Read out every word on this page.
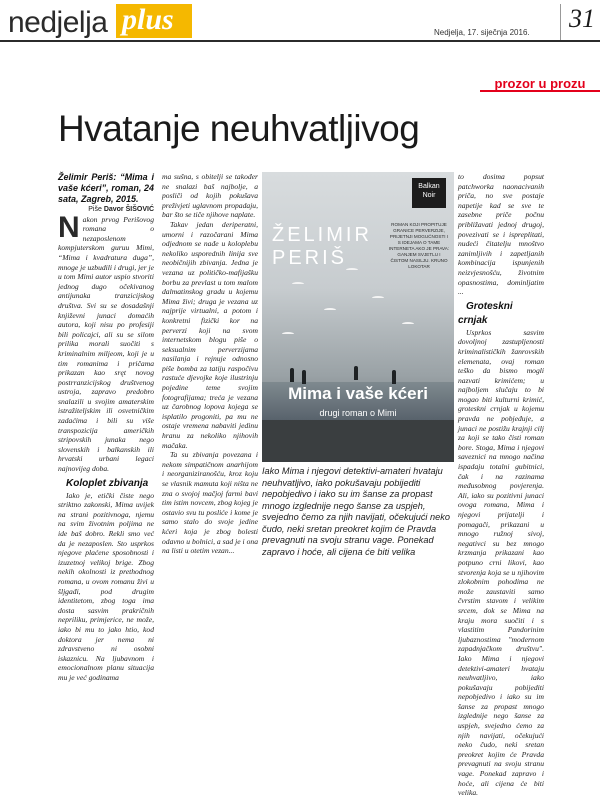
nedjelja plus	Nedjelja, 17. siječnja 2016.	31
prozor u prozu
Hvatanje neuhvatljivog

Želimir Periš: “Mima i vaše kćeri”, roman, 24 sata, Zagreb, 2015.

Piše Davor ŠIŠOVIĆ

Nakon prvog Perišovog romana o nezaposlenom kompjuterskom guruu Mimi, “Mima i kvadratura duga”, mnoge je uzbudili i drugi, jer je u tom Mimi autor uspio stvoriti jednog dugo očekivanog antijunaka tranzicijskog društva. Svi su se dosadašnji književni junaci domaćih autora, koji nisu po profesiji bili policajci, ali su se silom prilika morali suočiti s kriminalnim miljeom, koji je u tim romanima i pričama prikazan kao sręt novog postrranzicijskog društvenog ustroja, zapravo predobro snalazili u svojim amaterskim istražiteljskim ili osvetničkim zadaćima i bili su više transpozicija američkih stripovskih junaka nego slovenskih i balkanskih ili hrvatski urbani legaci najnovijeg doba.

Koloplet zbivanja

Iako je, etički čiste nego striktno zakonski, Mima uvijek na strani pozitivnoga, njemu na svim životnim poljima ne ide baš dobro. Rekli smo već da je nezaposlen. Sto usprkos njegove plaćene sposobnosti i izuzetnoj velikoj brige. Zbog nekih okolnosti iz prethodnog romana, u ovom romanu živi u šljgađi, pod drugim identitetom, zbog toga ima dosta sasvim prakričnih nepriliku, primjerice, ne može, iako bi mu to jako htio, kod doktora jer nema ni zdravstveno ni osobni iskaznicu. Na ljubavnom i emocionalnom planu situacija mu je već godinama

ma sušna, s obitelji se također ne snalazi baš najbolje, a posliči od kojih pokušava preživjeti uglavnom propadaju, bar što se tiče njihove naplate.

Takav jedan deriperatni, umorni i razočarani Mima odjednom se nađe u koloplebu nekoliko usporednih linija sve neobičnijih zbivanja. Jedna je vezana uz političko-mafijašku borbu za prevlast u tom malom dalmatinskog gradu u kojemu Mima živi; druga je vezana uz najprije virtualni, a potom i konkretni fizički kor na perverzi koji na svom internetskom blogu piše o seksualnim perverzijama nasilanja i rejnuje odnosno piše bomba za tatiju raspočivu rastuće djevojke koje ilustrinju pojedine teme svojim fotografijama; treća je vezana uz čarobnog lopova kojega se isplatilo progoniti, pa mu ne ostaje vremena nabaviti jedinu hranu za nekoliko njihovih mačaka.

Ta su zbivanja povezana i nekom simpatičnom anarhijom i neorganiziranošću, kroz koju se vlasnik mamuta koji ništa ne zna o svojoj mačjoj farmi bavi tim istim novcem, zbog kojeg je ostavio svu tu posliće i kome je samo stalo do svoje jedine kćeri koja je zbog bolesti odavno u bolnici, a sad je i ona na listi u otetim vezan...

ŽELIMIR PERIŠ
Balkan Noir
ROMAN KOJI PROPITUJE GRANICE PERVERZIJE, PRIJETNJI MOGUĆNOSTI I S IDEJAMA O TAME INTERNETA AKO JE PRAVA: GANJEM SVJETLU I ČISTOM NASILJU. KRUNO LOKOTAR
Mima i vaše kćeri
drugi roman o Mimi
Iako Mima i njegovi detektivi-amateri hvataju neuhvatljivo, iako pokušavaju pobijediti nepobjedivo i iako su im šanse za propast mnogo izglednije nego šanse za uspjeh, svejedno čemo za njih navijati, očekujući neko čudo, neki sretan preokret kojim će Pravda prevagnuti na svoju stranu vage. Ponekad zapravo i hoće, ali cijena će biti velika

to dosima popsut patchworka naonacivanih priča, no sve postaje napetije kad se sve te zasebne priče počnu približavati jednoj drugoj, povezivati se i ispreplitati, nudeći čitatelju mnoštvo zanimljivih i zapetljanih kombinacija ispunjenih neizvjesnošću, životnim opasnostima, dominljatim ...

Groteskni crnjak

Usprkos sasvim dovoljnoj zastupljenosti kriminalističkih žanrovskih elemenata, ovaj roman teško da bismo mogli nazvati krimićem; u najboljem slučaju to bi mogao biti kulturni krimić, groteskni crnjak u kojemu pravda ne pobjeđuje, a junaci ne postižu krajnji cilj za koji se tako čisti roman bore. Stoga, Mima i njegovi saveznici na mnogo načina ispadaju totalni gubitnici, čak i na razinama međusobnog povjerenja. Ali, iako su pozitivni junaci ovoga romana, Mima i njegovi prijatelji i pomagači, prikazani u mnogo ružnoj sivoj, negativci su bez mnogo krzmanja prikazani kao potpuno crni likovi, kao stvorenja koja se u njihovim zlokobnim pohodima ne može zaustaviti samo čvrstim stavom i velikim srcem, dok se Mima na kraju mora suočiti i s vlastitim Pandorinim ljubaznostima "modernom zapadnjačkom društvu". Iako Mima i njegovi detektivi-amateri hvataju neuhvatljivo, iako pokušavaju pobijediti nepobjedivo i iako su im šanse za propast mnogo izglednije nego šanse za uspjeh, svejedno ćemo za njih navijati, očekujući neko čudo, neki sretan preokret kojim će Pravda prevagnuti na svoju stranu vage. Ponekad zapravo i hoće, ali cijena će biti velika.
